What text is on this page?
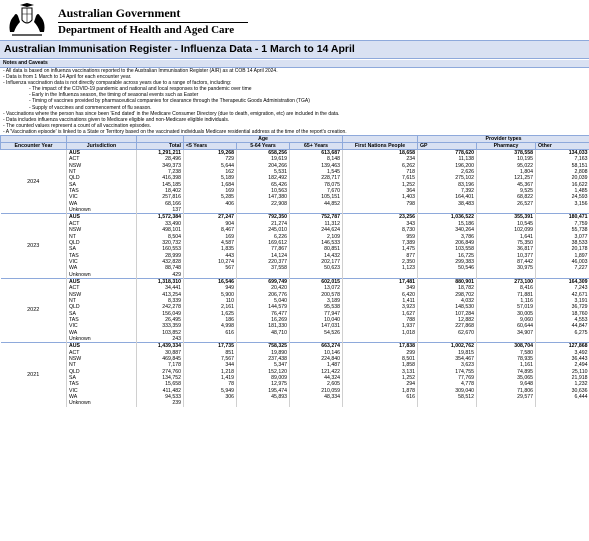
Australian Government
Department of Health and Aged Care
Australian Immunisation Register - Influenza Data - 1 March to 14 April
Notes and Caveats
- All data is based on influenza vaccinations reported to the Australian Immunisation Register (AIR) as at COB 14 April 2024.
- Data is from 1 March to 14 April for each encounter year.
- Influenza vaccination data is not directly comparable across years due to a range of factors, including:
- The impact of the COVID-19 pandemic and national and local responses to the pandemic over time
- Early in the Influenza season, the timing of seasonal events such as Easter
- Timing of vaccines provided by pharmaceutical companies for clearance through the Therapeutic Goods Administration (TGA)
- Supply of vaccines and commencement of flu season.
- Vaccinations where the person has since been 'End dated' in the Medicare Consumer Directory (due to death, emigration, etc) are included in the data.
- Data includes influenza vaccinations given to Medicare eligible and non-Medicare eligible individuals.
- The counted values represent a count of all vaccination episodes.
- A 'Vaccination episode' is linked to a State or Territory based on the vaccinated individuals Medicare residential address at the time of the report's creation.
			Age				Provider types		
Encounter Year	Jurisdiction	Total	<5 Years	5-64 Years	65+ Years	First Nations People	GP	Pharmacy	Other
2024	AUS	1,291,211	19,268	658,256	613,687	18,658	778,620	378,558	134,033
	ACT	28,496	729	19,619	8,148	234	11,138	10,195	7,163
	NSW	349,373	5,644	204,266	139,463	6,262	196,200	95,022	58,151
	NT	7,238	162	5,531	1,545	718	2,626	1,804	2,808
	QLD	416,398	5,189	182,492	228,717	7,615	275,102	121,257	20,039
	SA	145,185	1,684	65,426	78,075	1,252	83,196	45,367	16,622
	TAS	18,402	169	10,563	7,670	364	7,392	9,525	1,485
	VIC	257,816	5,285	147,380	105,151	1,403	164,401	68,822	24,593
	WA	68,166	406	22,908	44,852	798	38,483	26,527	3,156
	Unknown	137							
2023	AUS	1,572,384	27,247	792,350	752,787	23,256	1,036,522	355,391	180,471
	ACT	33,490	904	21,274	11,312	343	15,186	10,545	7,759
	NSW	498,101	8,467	245,010	244,624	8,730	340,264	102,099	55,738
	NT	8,504	169	6,226	2,109	959	3,786	1,641	3,077
	QLD	320,732	4,587	169,612	146,533	7,389	206,849	75,350	38,533
	SA	160,553	1,835	77,867	80,851	1,475	103,558	36,817	20,178
	TAS	28,999	443	14,124	14,432	877	16,725	10,377	1,897
	VIC	432,828	10,274	220,377	202,177	2,350	299,383	87,442	46,003
	WA	88,748	567	37,558	50,623	1,123	50,546	30,975	7,227
	Unknown	429							
2022	AUS	1,318,310	16,546	699,749	602,015	17,481	880,901	273,100	164,309
	ACT	34,441	949	20,420	13,072	349	18,782	8,416	7,243
	NSW	413,254	5,900	206,776	200,578	6,420	298,702	71,881	42,671
	NT	8,339	110	5,040	3,189	1,411	4,032	1,116	3,191
	QLD	242,278	2,161	144,579	95,538	3,923	148,530	57,019	36,729
	SA	156,049	1,625	76,477	77,947	1,627	107,284	30,005	18,760
	TAS	26,495	186	16,269	10,040	788	12,882	9,060	4,553
	VIC	333,359	4,998	181,330	147,031	1,937	227,868	60,644	44,847
	WA	103,852	616	48,710	54,526	1,018	62,670	34,907	6,275
	Unknown	243							
2021	AUS	1,439,334	17,735	758,325	663,274	17,838	1,002,762	308,704	127,868
	ACT	30,887	851	19,890	10,146	299	19,815	7,580	3,492
	NSW	469,845	7,567	237,438	224,840	8,501	354,467	78,935	36,443
	NT	7,178	344	5,347	1,487	1,858	3,623	1,161	2,494
	QLD	274,760	1,218	152,120	121,422	3,131	174,755	74,895	25,110
	SA	134,752	1,419	89,009	44,324	1,252	77,769	35,065	21,918
	TAS	15,658	78	12,975	2,605	294	4,778	9,648	1,232
	VIC	411,482	5,949	195,474	210,059	1,878	309,040	71,806	30,636
	WA	94,533	306	45,893	48,334	616	58,512	29,577	6,444
	Unknown	239							
